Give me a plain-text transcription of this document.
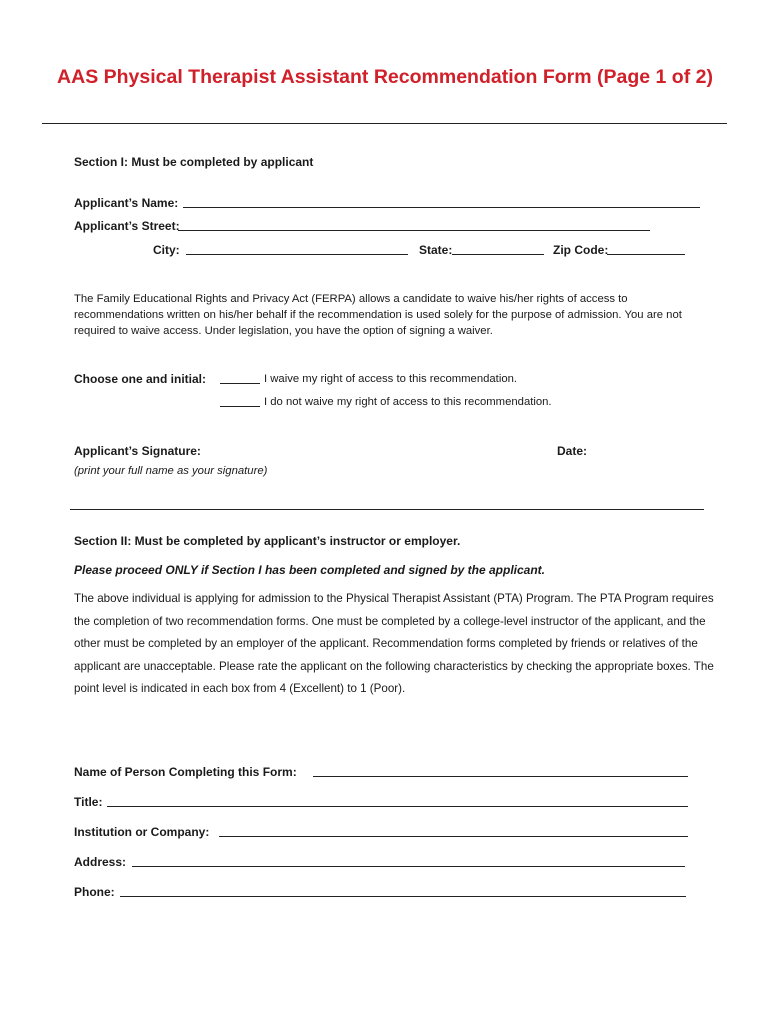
AAS Physical Therapist Assistant Recommendation Form (Page 1 of 2)
Section I: Must be completed by applicant
Applicant’s Name:
Applicant’s Street:
City:	State:	Zip Code:
The Family Educational Rights and Privacy Act (FERPA) allows a candidate to waive his/her rights of access to recommendations written on his/her behalf if the recommendation is used solely for the purpose of admission. You are not required to waive access. Under legislation, you have the option of signing a waiver.
Choose one and initial:	I waive my right of access to this recommendation.
I do not waive my right of access to this recommendation.
Applicant’s Signature:	Date:
(print your full name as your signature)
Section II: Must be completed by applicant’s instructor or employer.
Please proceed ONLY if Section I has been completed and signed by the applicant.
The above individual is applying for admission to the Physical Therapist Assistant (PTA) Program. The PTA Program requires the completion of two recommendation forms. One must be completed by a college-level instructor of the applicant, and the other must be completed by an employer of the applicant. Recommendation forms completed by friends or relatives of the applicant are unacceptable. Please rate the applicant on the following characteristics by checking the appropriate boxes. The point level is indicated in each box from 4 (Excellent) to 1 (Poor).
Name of Person Completing this Form:
Title:
Institution or Company:
Address:
Phone:
